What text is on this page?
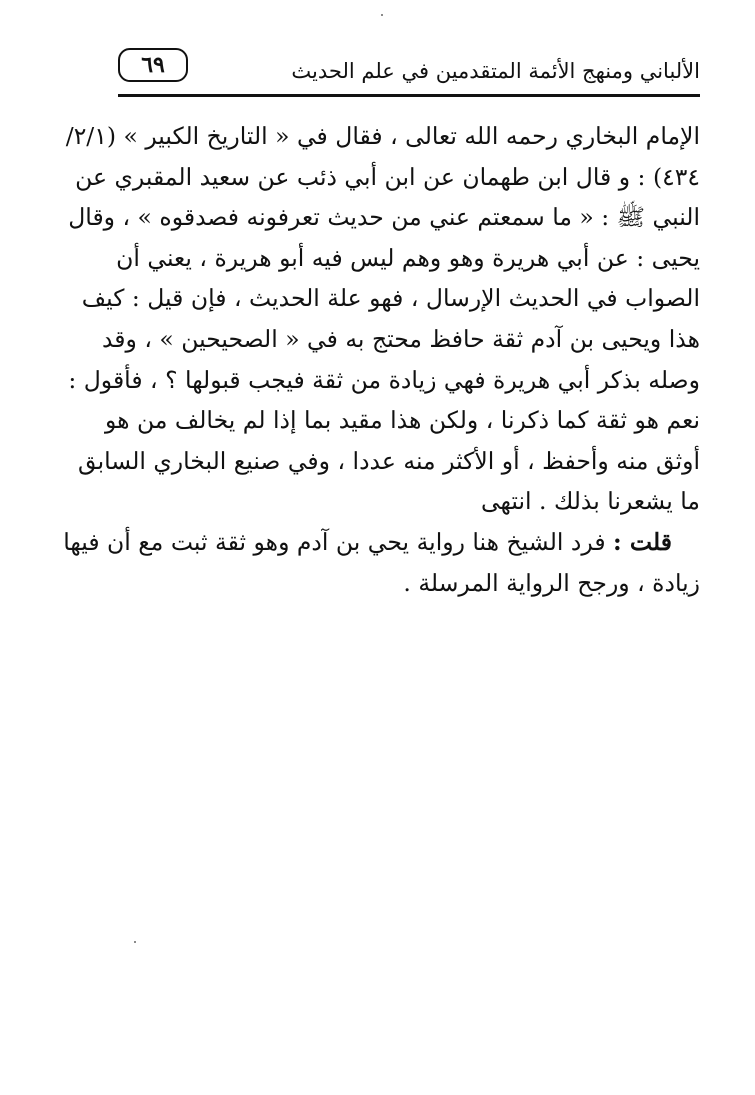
الألباني ومنهج الأئمة المتقدمين في علم الحديث
٦٩
الإمام البخاري رحمه الله تعالى ، فقال في « التاريخ الكبير » (٢/١/
٤٣٤) : و قال ابن طهمان عن ابن أبي ذئب عن سعيد المقبري عن
النبي ﷺ : « ما سمعتم عني من حديث تعرفونه فصدقوه » ، وقال
يحيى : عن أبي هريرة وهو وهم ليس فيه أبو هريرة ، يعني أن
الصواب في الحديث الإرسال ، فهو علة الحديث ، فإن قيل : كيف
هذا ويحيى بن آدم ثقة حافظ محتج به في « الصحيحين » ، وقد
وصله بذكر أبي هريرة فهي زيادة من ثقة فيجب قبولها ؟ ، فأقول :
نعم هو ثقة كما ذكرنا ، ولكن هذا مقيد بما إذا لم يخالف من هو
أوثق منه وأحفظ ، أو الأكثر منه عددا ، وفي صنيع البخاري السابق
ما يشعرنا بذلك . انتهى
قلت : فرد الشيخ هنا رواية يحي بن آدم وهو ثقة ثبت مع أن فيها
زيادة ، ورجح الرواية المرسلة .
